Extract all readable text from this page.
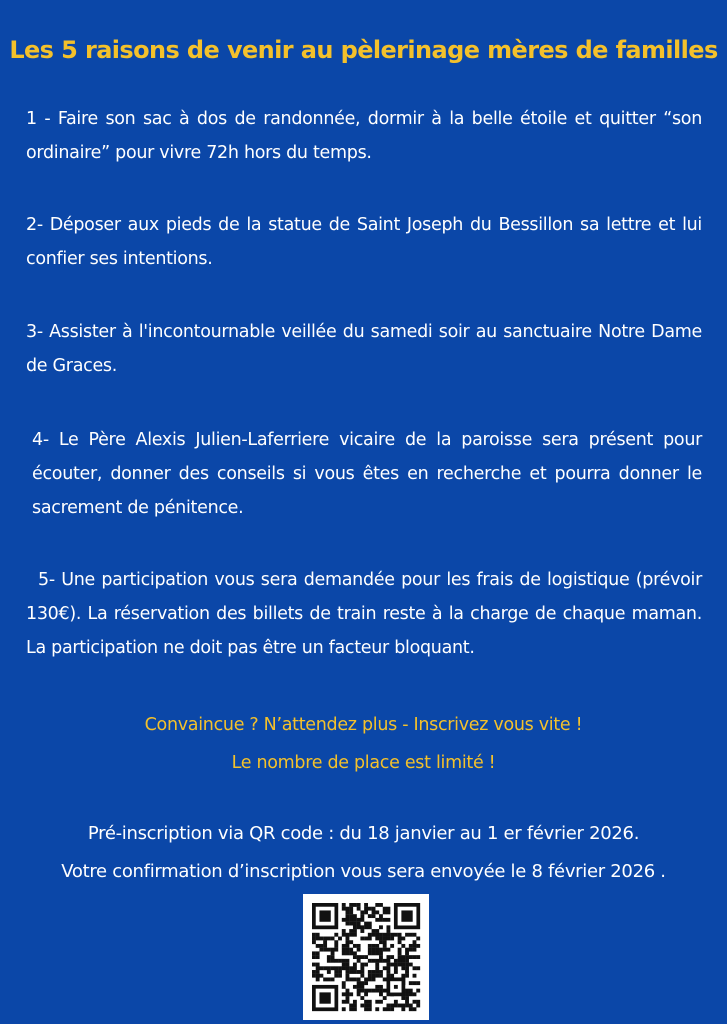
Les 5 raisons de venir au pèlerinage mères de familles
1 - Faire son sac à dos de randonnée, dormir à la belle étoile et quitter “son ordinaire” pour vivre 72h hors du temps.
2- Déposer aux pieds de la statue de Saint Joseph du Bessillon sa lettre et lui confier ses intentions.
3- Assister à l'incontournable veillée du samedi soir au sanctuaire Notre Dame de Graces.
4- Le Père Alexis Julien-Laferriere vicaire de la paroisse sera présent pour écouter, donner des conseils si vous êtes en recherche et pourra donner le sacrement de pénitence.
5- Une participation vous sera demandée pour les frais de logistique (prévoir 130€). La réservation des billets de train reste à la charge de chaque maman. La participation ne doit pas être un facteur bloquant.
Convaincue ? N’attendez plus - Inscrivez vous vite !
Le nombre de place est limité !
Pré-inscription via QR code : du 18 janvier au 1 er février 2026.
Votre confirmation d’inscription vous sera envoyée le 8 février 2026 .
